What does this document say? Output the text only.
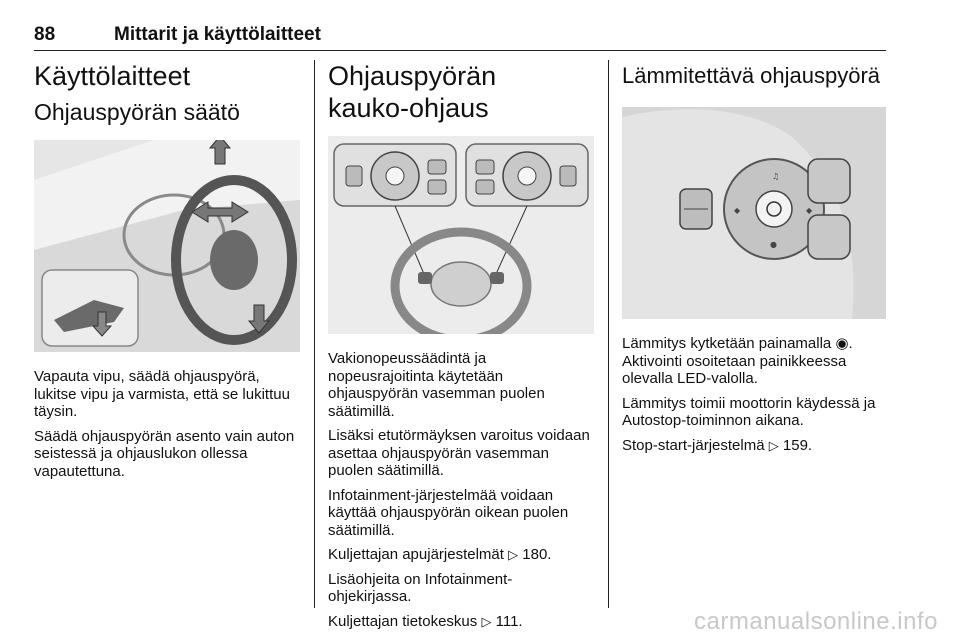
88	Mittarit ja käyttölaitteet
Käyttölaitteet
Ohjauspyörän säätö

Vapauta vipu, säädä ohjauspyörä, lukitse vipu ja varmista, että se lukittuu täysin.

Säädä ohjauspyörän asento vain auton seistessä ja ohjauslukon ollessa vapautettuna.

Ohjauspyörän
kauko-ohjaus

Vakionopeussäädintä ja nopeusrajoitinta käytetään ohjauspyörän vasemman puolen säätimillä.

Lisäksi etutörmäyksen varoitus voidaan asettaa ohjauspyörän vasemman puolen säätimillä.

Infotainment-järjestelmää voidaan käyttää ohjauspyörän oikean puolen säätimillä.

Kuljettajan apujärjestelmät ▷ 180.

Lisäohjeita on Infotainment-ohjekirjassa.

Kuljettajan tietokeskus ▷ 111.

Lämmitettävä ohjauspyörä
♫
◆	◆
●

Lämmitys kytketään painamalla ◉. Aktivointi osoitetaan painikkeessa olevalla LED-valolla.

Lämmitys toimii moottorin käydessä ja Autostop-toiminnon aikana.

Stop-start-järjestelmä ▷ 159.

carmanualsonline.info
